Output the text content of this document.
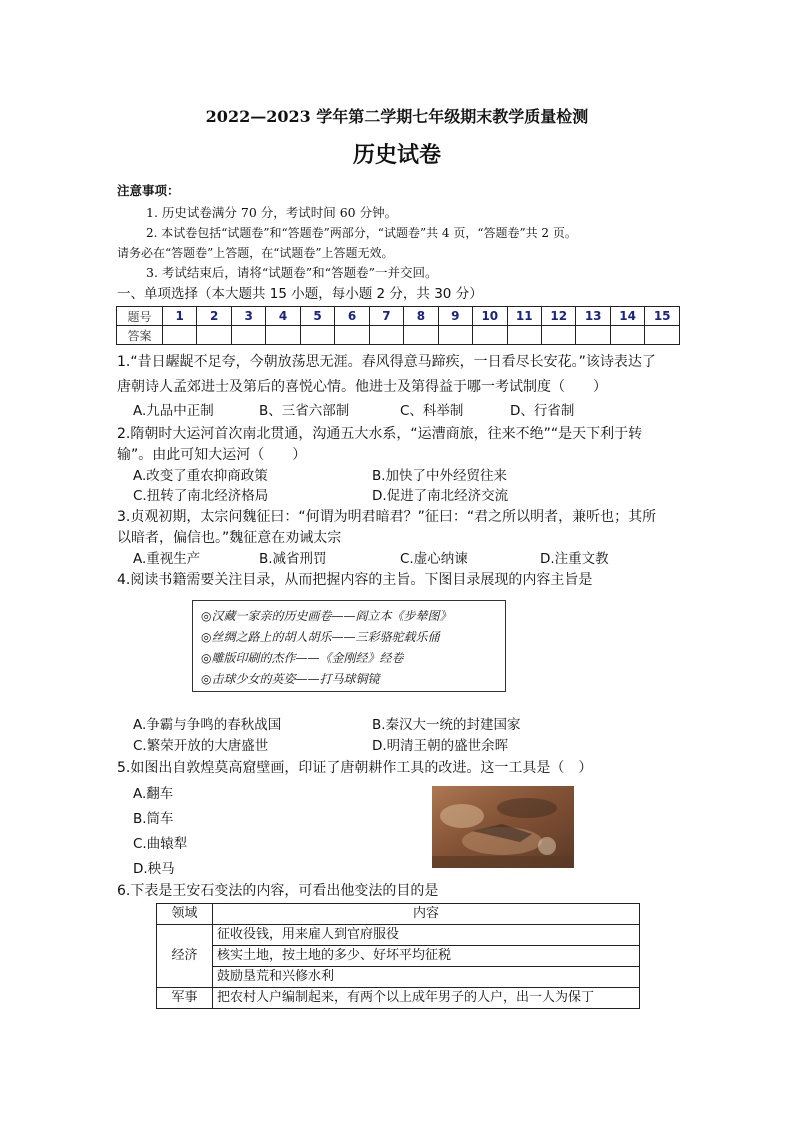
2022—2023 学年第二学期七年级期末教学质量检测
历史试卷
注意事项：
1. 历史试卷满分 70 分，考试时间 60 分钟。
2. 本试卷包括“试题卷”和“答题卷”两部分，“试题卷”共 4 页，“答题卷”共 2 页。
请务必在“答题卷”上答题，在“试题卷”上答题无效。
3. 考试结束后，请将“试题卷”和“答题卷”一并交回。
一、单项选择（本大题共 15 小题，每小题 2 分，共 30 分）
题号	1	2	3	4	5	6	7	8	9	10	11	12	13	14	15
答案															
1.“昔日龌龊不足夸，今朝放荡思无涯。春风得意马蹄疾，一日看尽长安花。”该诗表达了
唐朝诗人孟郊进士及第后的喜悦心情。他进士及第得益于哪一考试制度（　　）
A.九品中正制	B、三省六部制	C、科举制	D、行省制
2.隋朝时大运河首次南北贯通，沟通五大水系，“运漕商旅，往来不绝”“是天下利于转
输”。由此可知大运河（　　）
A.改变了重农抑商政策	B.加快了中外经贸往来
C.扭转了南北经济格局	D.促进了南北经济交流
3.贞观初期，太宗问魏征曰：“何谓为明君暗君？”征曰：“君之所以明者，兼听也；其所
以暗者，偏信也。”魏征意在劝诫太宗
A.重视生产	B.减省刑罚	C.虚心纳谏	D.注重文教
4.阅读书籍需要关注目录，从而把握内容的主旨。下图目录展现的内容主旨是
◎汉藏一家亲的历史画卷——阎立本《步辇图》
◎丝绸之路上的胡人胡乐——三彩骆驼载乐俑
◎雕版印刷的杰作——《金刚经》经卷
◎击球少女的英姿——打马球铜镜
A.争霸与争鸣的春秋战国	B.秦汉大一统的封建国家
C.繁荣开放的大唐盛世	D.明清王朝的盛世余晖
5.如图出自敦煌莫高窟壁画，印证了唐朝耕作工具的改进。这一工具是（　）
A.翻车
B.筒车
C.曲辕犁
D.秧马
6.下表是王安石变法的内容，可看出他变法的目的是
领域	内容
经济	征收役钱，用来雇人到官府服役
	核实土地，按土地的多少、好坏平均征税
	鼓励垦荒和兴修水利
军事	把农村人户编制起来，有两个以上成年男子的人户，出一人为保丁
